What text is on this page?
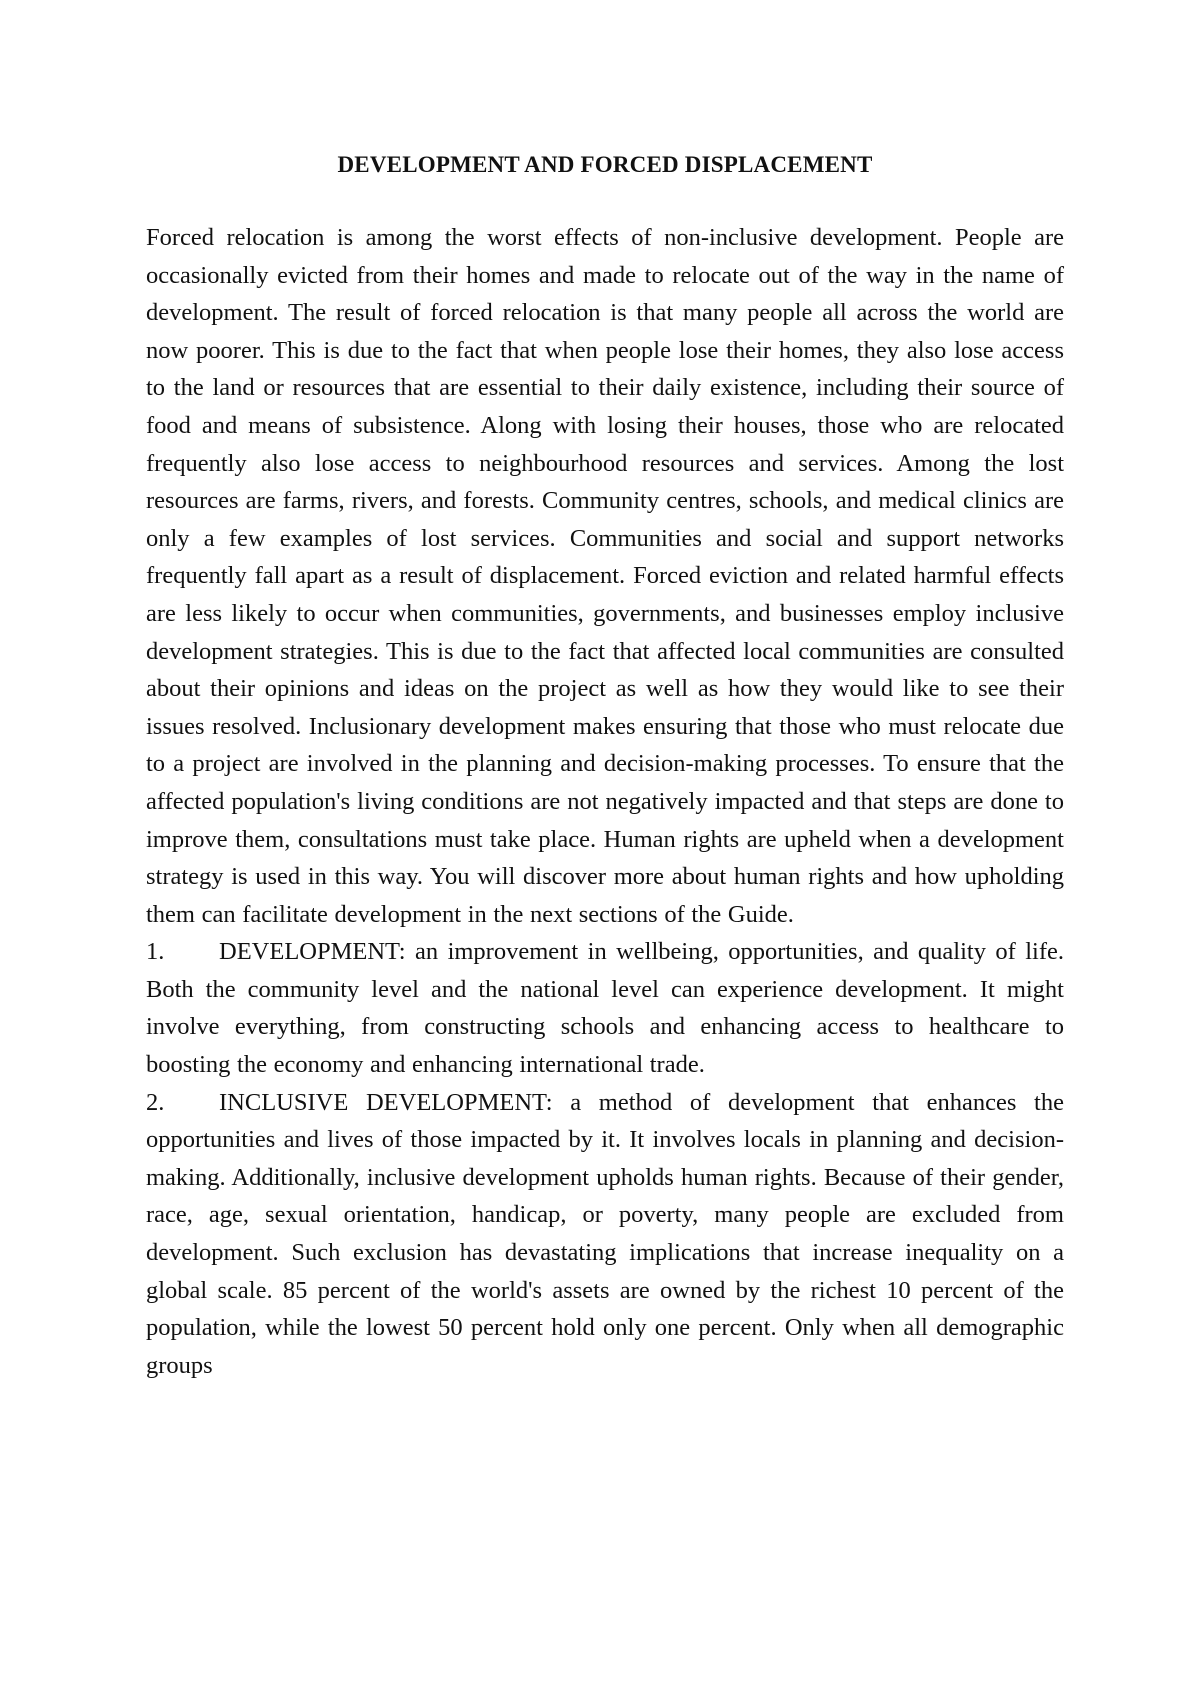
DEVELOPMENT AND FORCED DISPLACEMENT

Forced relocation is among the worst effects of non-inclusive development. People are occasionally evicted from their homes and made to relocate out of the way in the name of development. The result of forced relocation is that many people all across the world are now poorer. This is due to the fact that when people lose their homes, they also lose access to the land or resources that are essential to their daily existence, including their source of food and means of subsistence. Along with losing their houses, those who are relocated frequently also lose access to neighbourhood resources and services. Among the lost resources are farms, rivers, and forests. Community centres, schools, and medical clinics are only a few examples of lost services. Communities and social and support networks frequently fall apart as a result of displacement. Forced eviction and related harmful effects are less likely to occur when communities, governments, and businesses employ inclusive development strategies. This is due to the fact that affected local communities are consulted about their opinions and ideas on the project as well as how they would like to see their issues resolved. Inclusionary development makes ensuring that those who must relocate due to a project are involved in the planning and decision-making processes. To ensure that the affected population's living conditions are not negatively impacted and that steps are done to improve them, consultations must take place. Human rights are upheld when a development strategy is used in this way. You will discover more about human rights and how upholding them can facilitate development in the next sections of the Guide.

1. DEVELOPMENT: an improvement in wellbeing, opportunities, and quality of life. Both the community level and the national level can experience development. It might involve everything, from constructing schools and enhancing access to healthcare to boosting the economy and enhancing international trade.

2. INCLUSIVE DEVELOPMENT: a method of development that enhances the opportunities and lives of those impacted by it. It involves locals in planning and decision-making. Additionally, inclusive development upholds human rights. Because of their gender, race, age, sexual orientation, handicap, or poverty, many people are excluded from development. Such exclusion has devastating implications that increase inequality on a global scale. 85 percent of the world's assets are owned by the richest 10 percent of the population, while the lowest 50 percent hold only one percent. Only when all demographic groups
